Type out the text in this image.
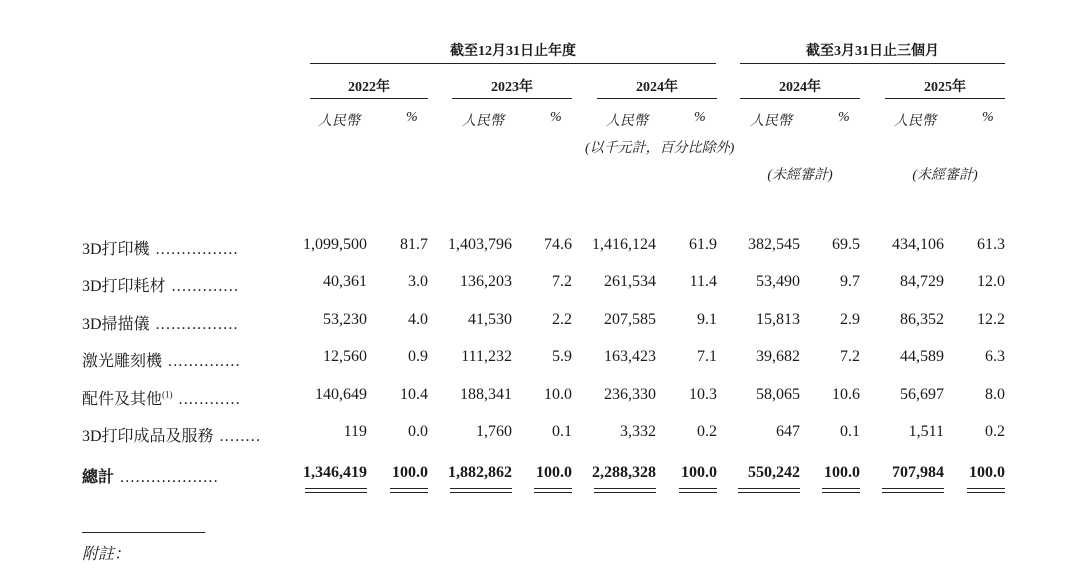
截至12月31日止年度	截至3月31日止三個月
2022年	2023年	2024年	2024年	2025年
人民幣	%	人民幣	%	人民幣	%	人民幣	%	人民幣	%
(以千元計，百分比除外)
(未經審計)	(未經審計)
3D打印機 ................	1,099,500 81.7 1,403,796 74.6 1,416,124 61.9 382,545 69.5 434,106 61.3
3D打印耗材 .............	40,361	3.0 136,203	7.2 261,534 11.4 53,490	9.7	84,729 12.0
3D掃描儀 ................	53,230	4.0	41,530	2.2 207,585	9.1 15,813	2.9	86,352 12.2
激光雕刻機 ..............	12,560	0.9 111,232	5.9 163,423	7.1 39,682	7.2	44,589	6.3
配件及其他$^{(1)}$ ............	140,649 10.4 188,341 10.0 236,330 10.3 58,065 10.6	56,697	8.0
3D打印成品及服務 ........	119	0.0	1,760	0.1	3,332	0.2	647	0.1	1,511	0.2
總計 ...................	1,346,419 100.0 1,882,862 100.0 2,288,328 100.0 550,242 100.0 707,984 100.0
附註：
